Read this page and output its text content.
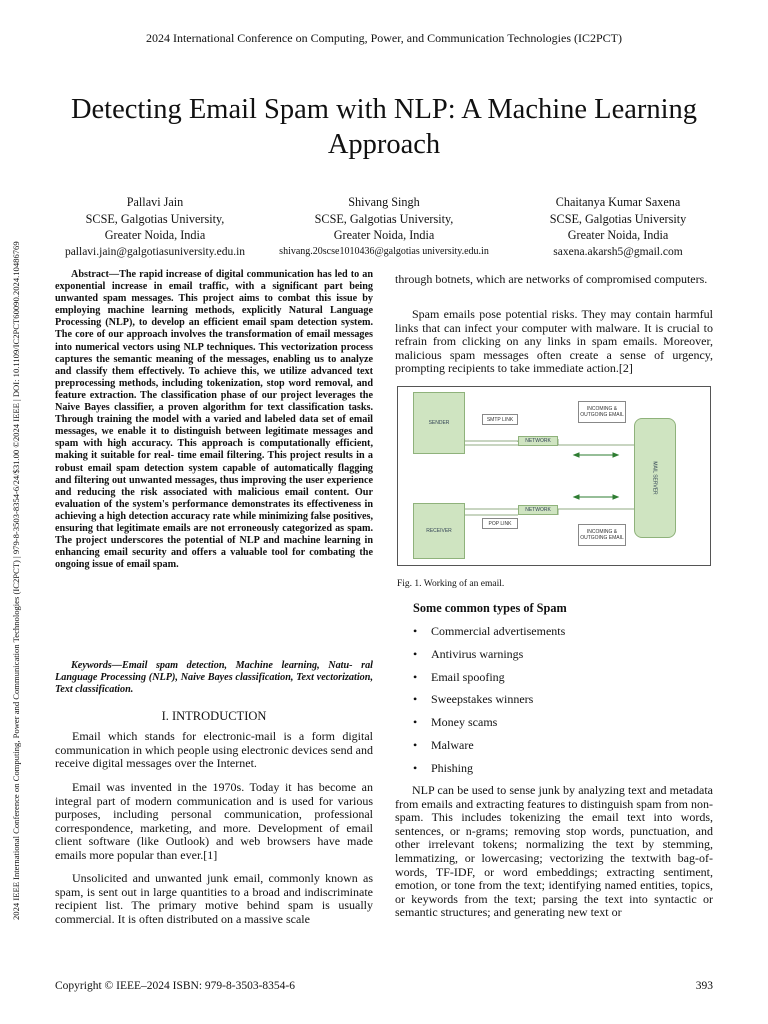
2024 International Conference on Computing, Power, and Communication Technologies (IC2PCT)
2024 IEEE International Conference on Computing, Power and Communication Technologies (IC2PCT) | 979-8-3503-8354-6/24/$31.00 ©2024 IEEE | DOI: 10.1109/IC2PCT60090.2024.10486769
Detecting Email Spam with NLP: A Machine Learning Approach
Pallavi Jain
SCSE, Galgotias University,
Greater Noida, India
pallavi.jain@galgotiasuniversity.edu.in
Shivang Singh
SCSE, Galgotias University,
Greater Noida, India
shivang.20scse1010436@galgotias university.edu.in
Chaitanya Kumar Saxena
SCSE, Galgotias University
Greater Noida, India
saxena.akarsh5@gmail.com
Abstract—The rapid increase of digital communication has led to an exponential increase in email traffic, with a significant part being unwanted spam messages. This project aims to combat this issue by employing machine learning methods, explicitly Natural Language Processing (NLP), to develop an efficient email spam detection system. The core of our approach involves the transformation of email messages into numerical vectors using NLP techniques. This vectorization process captures the semantic meaning of the messages, enabling us to analyze and classify them effectively. To achieve this, we utilize advanced text preprocessing methods, including tokenization, stop word removal, and feature extraction. The classification phase of our project leverages the Naive Bayes classifier, a proven algorithm for text classification tasks. Through training the model with a varied and labeled data set of email messages, we enable it to distinguish between legitimate messages and spam with high accuracy. This approach is computationally efficient, making it suitable for real- time email filtering. This project results in a robust email spam detection system capable of automatically flagging and filtering out unwanted messages, thus improving the user experience and reducing the risk associated with malicious email content. Our evaluation of the system's performance demonstrates its effectiveness in achieving a high detection accuracy rate while minimizing false positives, ensuring that legitimate emails are not erroneously categorized as spam. The project underscores the potential of NLP and machine learning in enhancing email security and offers a valuable tool for combating the ongoing issue of email spam.
Keywords—Email spam detection, Machine learning, Natu- ral Language Processing (NLP), Naive Bayes classification, Text vectorization, Text classification.
I. INTRODUCTION
Email which stands for electronic-mail is a form digital communication in which people using electronic devices send and receive digital messages over the Internet.
Email was invented in the 1970s. Today it has become an integral part of modern communication and is used for various purposes, including personal communication, professional correspondence, marketing, and more. Development of email client software (like Outlook) and web browsers have made emails more popular than ever.[1]
Unsolicited and unwanted junk email, commonly known as spam, is sent out in large quantities to a broad and indiscriminate recipient list. The primary motive behind spam is usually commercial. It is often distributed on a massive scale
through botnets, which are networks of compromised computers.
Spam emails pose potential risks. They may contain harmful links that can infect your computer with malware. It is crucial to refrain from clicking on any links in spam emails. Moreover, malicious spam messages often create a sense of urgency, prompting recipients to take immediate action.[2]
SENDER
RECEIVER
SMTP LINK
POP LINK
NETWORK
NETWORK
INCOMING & OUTGOING EMAIL
INCOMING & OUTGOING EMAIL
MAIL SERVER
Fig. 1. Working of an email.
Some common types of Spam
• Commercial advertisements
• Antivirus warnings
• Email spoofing
• Sweepstakes winners
• Money scams
• Malware
• Phishing
NLP can be used to sense junk by analyzing text and metadata from emails and extracting features to distinguish spam from non-spam. This includes tokenizing the email text into words, sentences, or n-grams; removing stop words, punctuation, and other irrelevant tokens; normalizing the text by stemming, lemmatizing, or lowercasing; vectorizing the textwith bag-of-words, TF-IDF, or word embeddings; extracting sentiment, emotion, or tone from the text; identifying named entities, topics, or keywords from the text; parsing the text into syntactic or semantic structures; and generating new text or
Copyright © IEEE–2024 ISBN: 979-8-3503-8354-6	393
